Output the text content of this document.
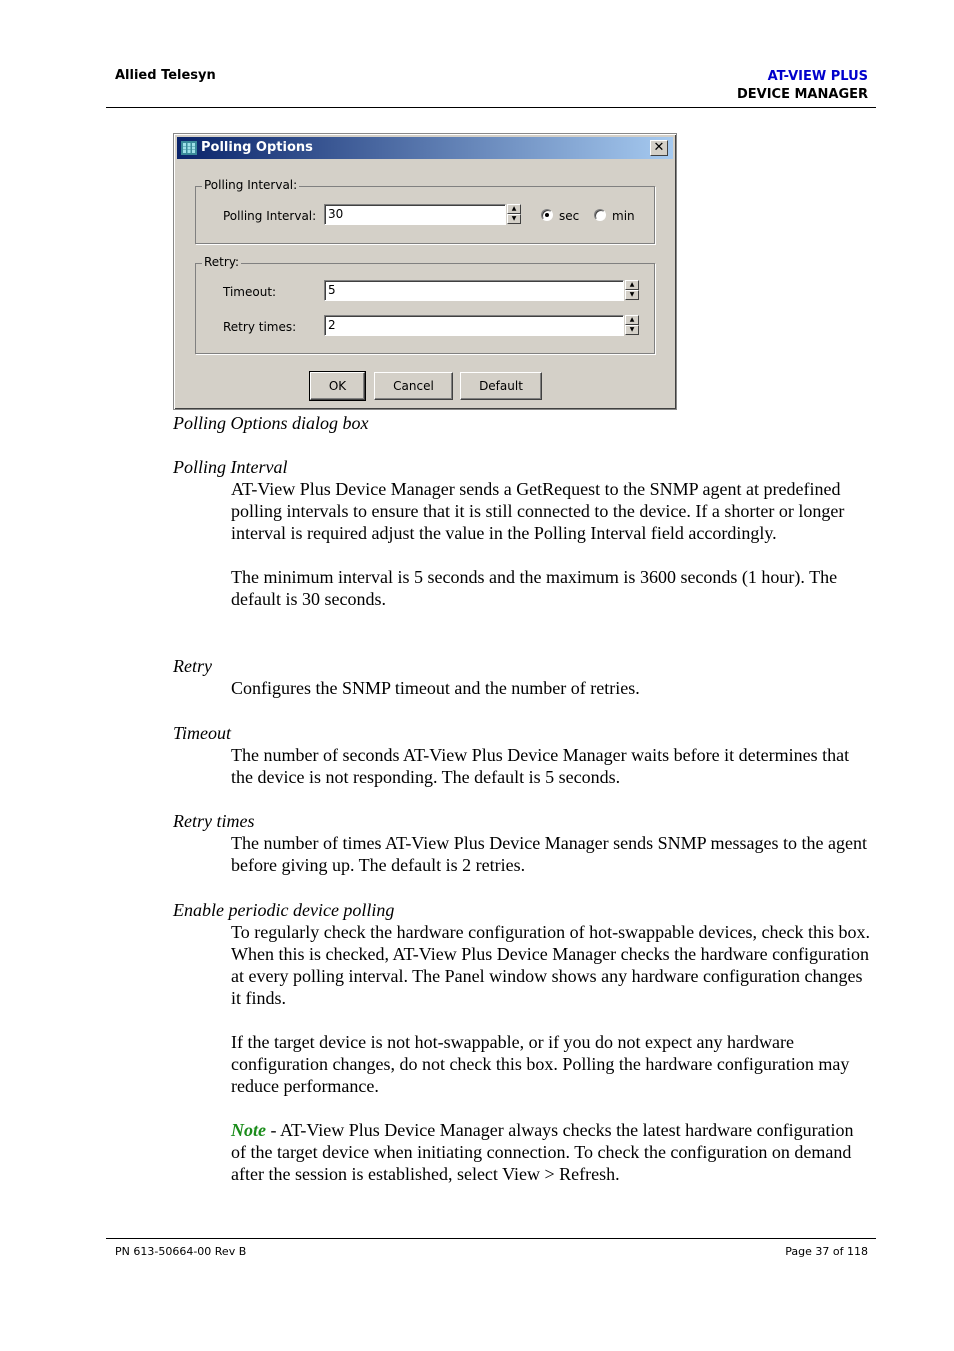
Allied Telesyn	AT-VIEW PLUS
DEVICE MANAGER
Polling Options	✕
Polling Interval:
Polling Interval: 30	▲
▼	sec	min
Retry:
Timeout:	5	▲
▼
Retry times:	2	▲
▼
OK	Cancel	Default
Polling Options dialog box
Polling Interval
AT-View Plus Device Manager sends a GetRequest to the SNMP agent at predefined polling intervals to ensure that it is still connected to the device. If a shorter or longer interval is required adjust the value in the Polling Interval field accordingly.
The minimum interval is 5 seconds and the maximum is 3600 seconds (1 hour). The default is 30 seconds.
Retry
Configures the SNMP timeout and the number of retries.
Timeout
The number of seconds AT-View Plus Device Manager waits before it determines that the device is not responding. The default is 5 seconds.
Retry times
The number of times AT-View Plus Device Manager sends SNMP messages to the agent before giving up. The default is 2 retries.
Enable periodic device polling
To regularly check the hardware configuration of hot-swappable devices, check this box. When this is checked, AT-View Plus Device Manager checks the hardware configuration at every polling interval. The Panel window shows any hardware configuration changes it finds.
If the target device is not hot-swappable, or if you do not expect any hardware configuration changes, do not check this box. Polling the hardware configuration may reduce performance.
Note - AT-View Plus Device Manager always checks the latest hardware configuration of the target device when initiating connection. To check the configuration on demand after the session is established, select View > Refresh.
PN 613-50664-00 Rev B	Page 37 of 118
